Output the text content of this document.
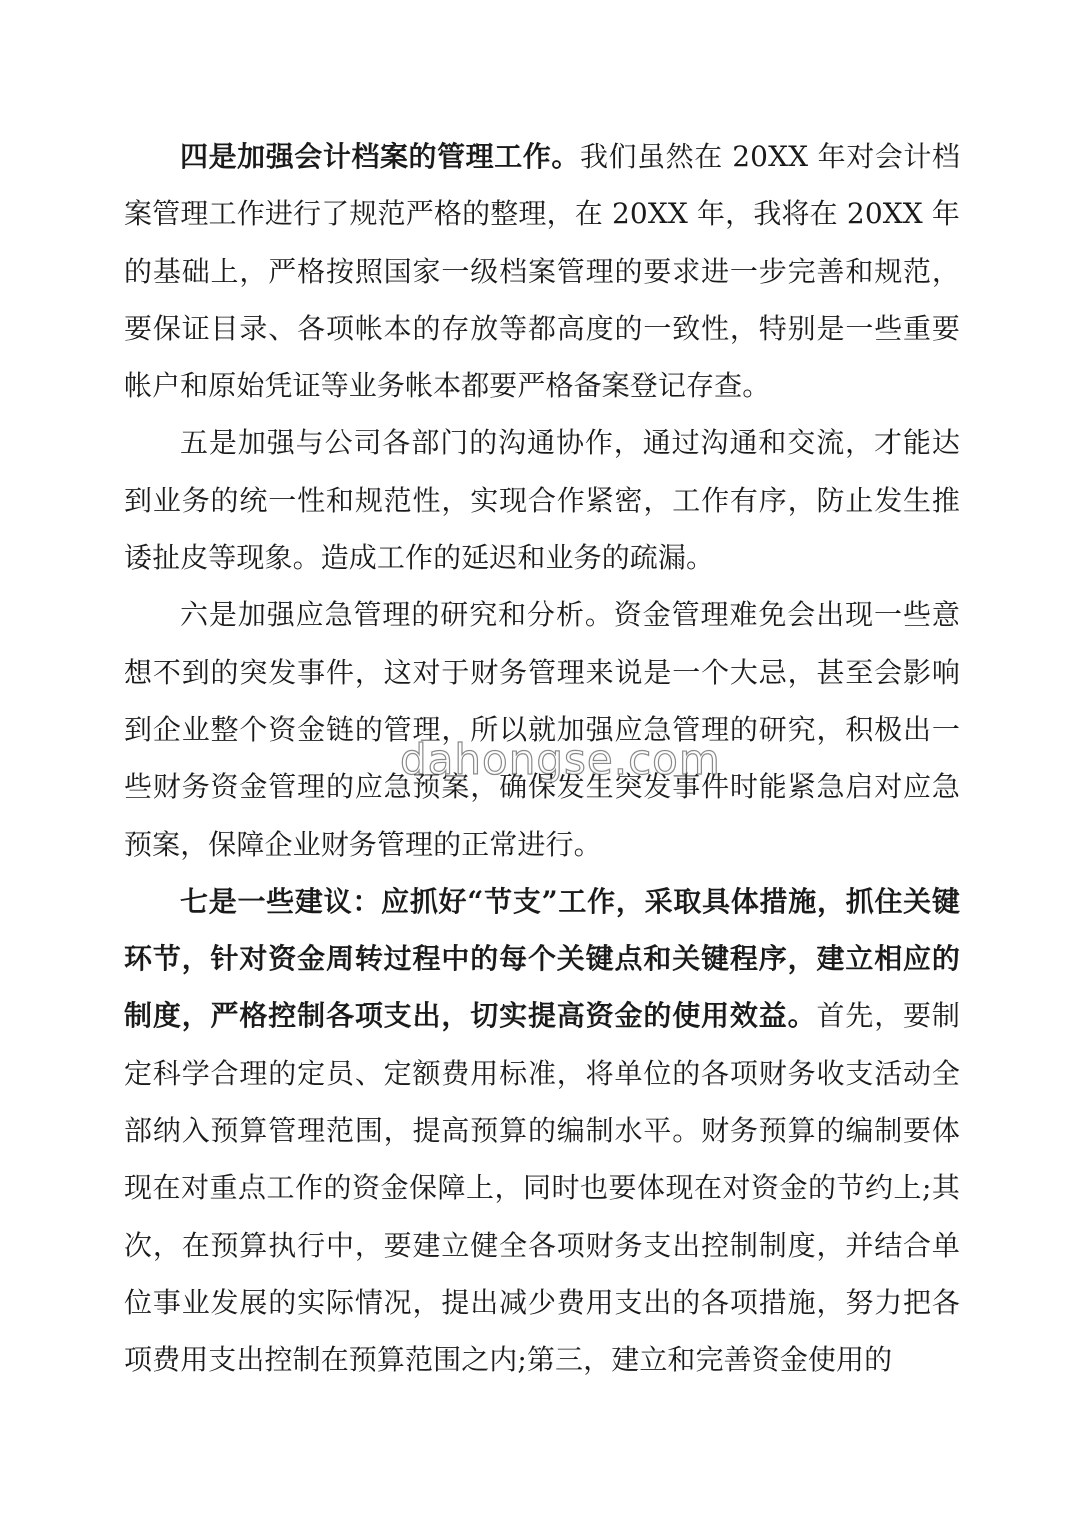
四是加强会计档案的管理工作。我们虽然在 20XX 年对会计档案管理工作进行了规范严格的整理，在 20XX 年，我将在 20XX 年的基础上，严格按照国家一级档案管理的要求进一步完善和规范，要保证目录、各项帐本的存放等都高度的一致性，特别是一些重要帐户和原始凭证等业务帐本都要严格备案登记存查。

五是加强与公司各部门的沟通协作，通过沟通和交流，才能达到业务的统一性和规范性，实现合作紧密，工作有序，防止发生推诿扯皮等现象。造成工作的延迟和业务的疏漏。

六是加强应急管理的研究和分析。资金管理难免会出现一些意想不到的突发事件，这对于财务管理来说是一个大忌，甚至会影响到企业整个资金链的管理，所以就加强应急管理的研究，积极出一些财务资金管理的应急预案，确保发生突发事件时能紧急启对应急预案，保障企业财务管理的正常进行。

七是一些建议：应抓好“节支”工作，采取具体措施，抓住关键环节，针对资金周转过程中的每个关键点和关键程序，建立相应的制度，严格控制各项支出，切实提高资金的使用效益。首先，要制定科学合理的定员、定额费用标准，将单位的各项财务收支活动全部纳入预算管理范围，提高预算的编制水平。财务预算的编制要体现在对重点工作的资金保障上，同时也要体现在对资金的节约上;其次，在预算执行中，要建立健全各项财务支出控制制度，并结合单位事业发展的实际情况，提出减少费用支出的各项措施，努力把各项费用支出控制在预算范围之内;第三，建立和完善资金使用的

dahongse.com
